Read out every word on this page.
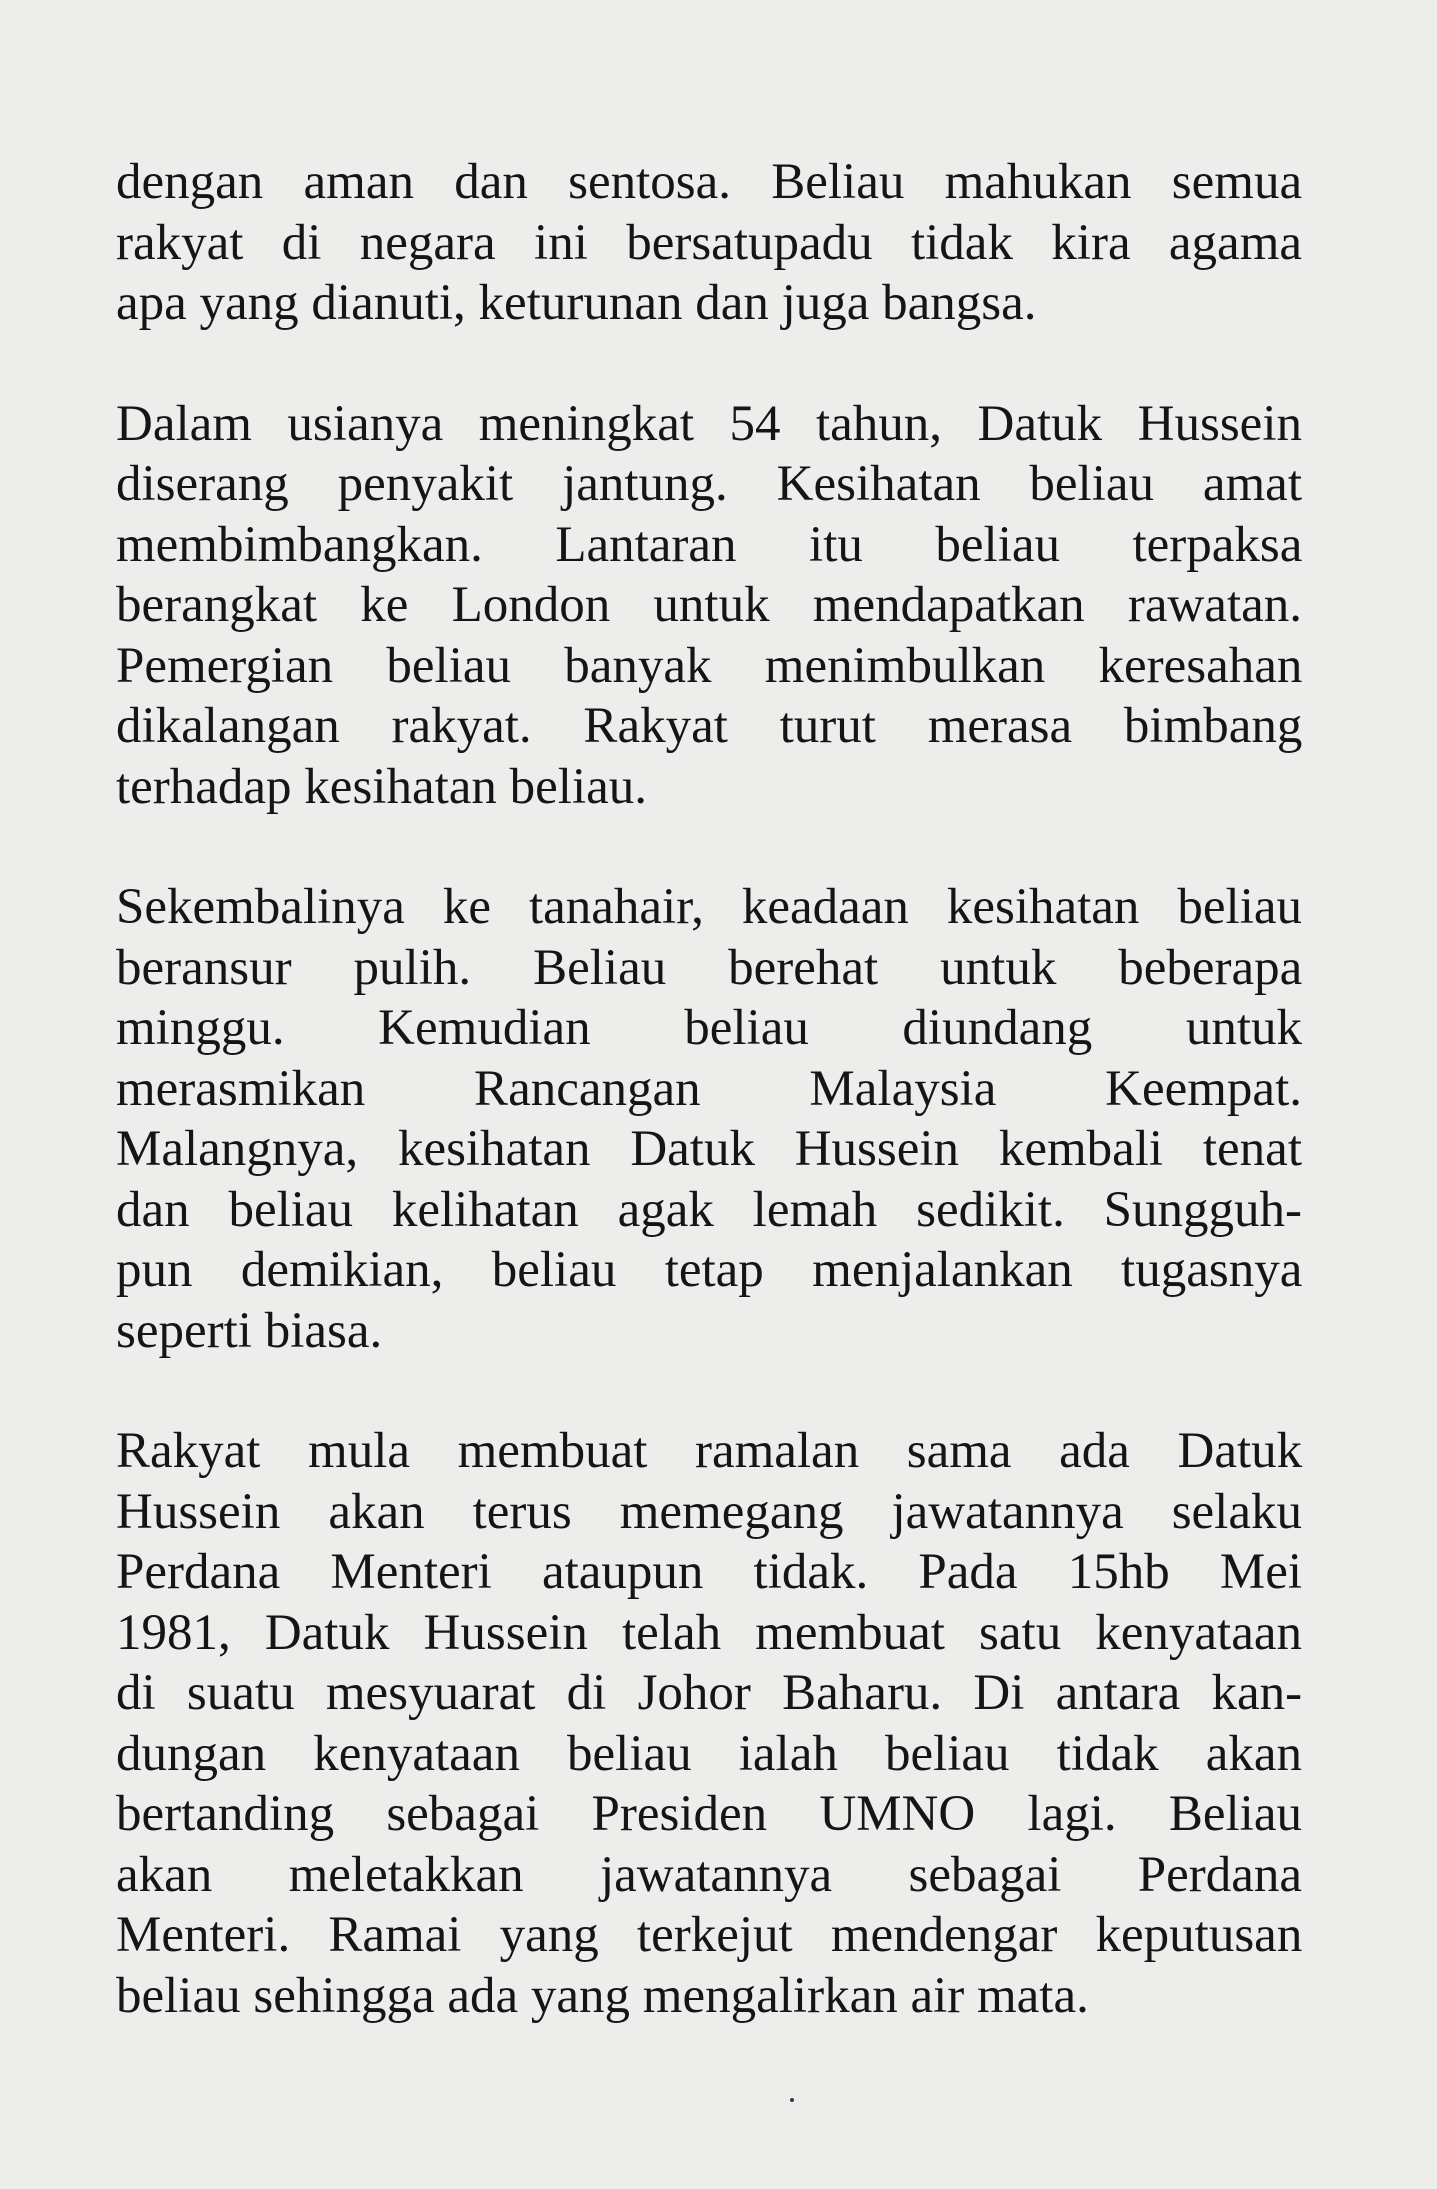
dengan aman dan sentosa. Beliau mahukan semua
rakyat di negara ini bersatupadu tidak kira agama
apa yang dianuti, keturunan dan juga bangsa.
Dalam usianya meningkat 54 tahun, Datuk Hussein
diserang penyakit jantung. Kesihatan beliau amat
membimbangkan. Lantaran itu beliau terpaksa
berangkat ke London untuk mendapatkan rawatan.
Pemergian beliau banyak menimbulkan keresahan
dikalangan rakyat. Rakyat turut merasa bimbang
terhadap kesihatan beliau.
Sekembalinya ke tanahair, keadaan kesihatan beliau
beransur pulih. Beliau berehat untuk beberapa
minggu. Kemudian beliau diundang untuk
merasmikan Rancangan Malaysia Keempat.
Malangnya, kesihatan Datuk Hussein kembali tenat
dan beliau kelihatan agak lemah sedikit. Sungguh-
pun demikian, beliau tetap menjalankan tugasnya
seperti biasa.
Rakyat mula membuat ramalan sama ada Datuk
Hussein akan terus memegang jawatannya selaku
Perdana Menteri ataupun tidak. Pada 15hb Mei
1981, Datuk Hussein telah membuat satu kenyataan
di suatu mesyuarat di Johor Baharu. Di antara kan-
dungan kenyataan beliau ialah beliau tidak akan
bertanding sebagai Presiden UMNO lagi. Beliau
akan meletakkan jawatannya sebagai Perdana
Menteri. Ramai yang terkejut mendengar keputusan
beliau sehingga ada yang mengalirkan air mata.
